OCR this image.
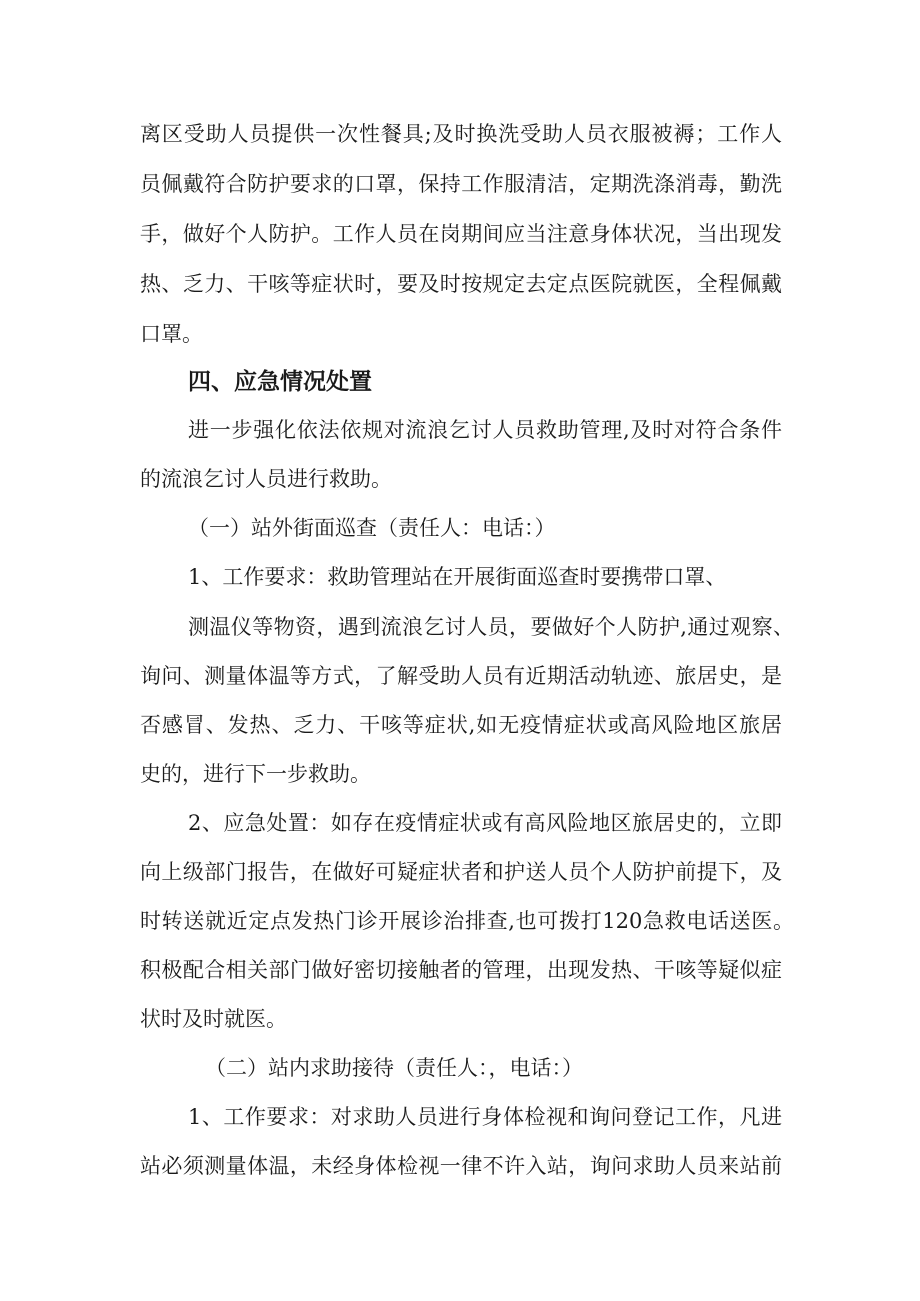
离区受助人员提供一次性餐具;及时换洗受助人员衣服被褥；工作人
员佩戴符合防护要求的口罩，保持工作服清洁，定期洗涤消毒，勤洗
手，做好个人防护。工作人员在岗期间应当注意身体状况，当出现发
热、乏力、干咳等症状时，要及时按规定去定点医院就医，全程佩戴
口罩。
四、应急情况处置
进一步强化依法依规对流浪乞讨人员救助管理,及时对符合条件
的流浪乞讨人员进行救助。
（一）站外街面巡查（责任人：电话：）
1、工作要求：救助管理站在开展街面巡查时要携带口罩、
测温仪等物资，遇到流浪乞讨人员，要做好个人防护,通过观察、
询问、测量体温等方式，了解受助人员有近期活动轨迹、旅居史，是
否感冒、发热、乏力、干咳等症状,如无疫情症状或高风险地区旅居
史的，进行下一步救助。
2、应急处置：如存在疫情症状或有高风险地区旅居史的，立即
向上级部门报告，在做好可疑症状者和护送人员个人防护前提下，及
时转送就近定点发热门诊开展诊治排查,也可拨打120急救电话送医。
积极配合相关部门做好密切接触者的管理，出现发热、干咳等疑似症
状时及时就医。
（二）站内求助接待（责任人：，电话：）
1、工作要求：对求助人员进行身体检视和询问登记工作，凡进
站必须测量体温，未经身体检视一律不许入站，询问求助人员来站前
